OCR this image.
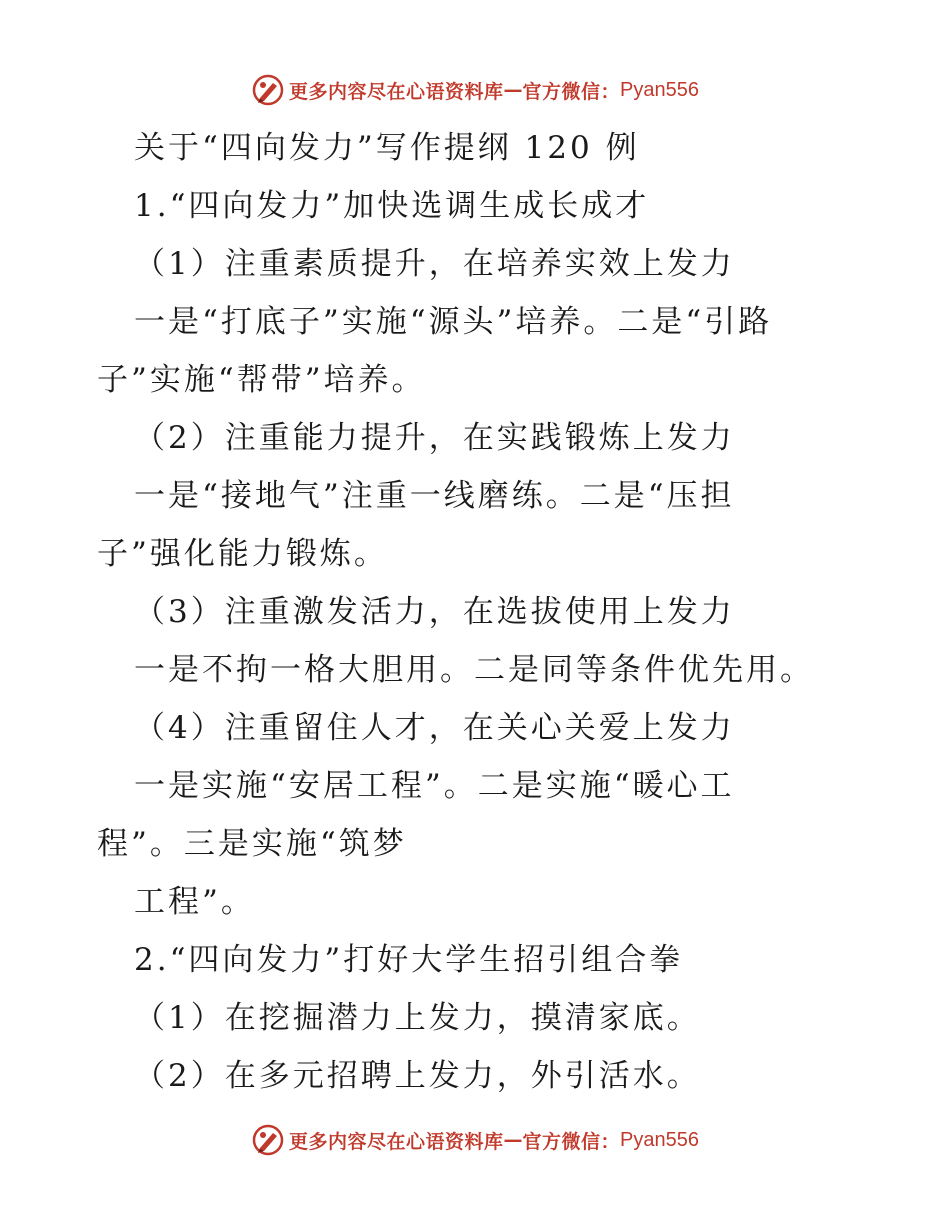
更多内容尽在心语资料库 — 官方微信： Pyan556
关于“四向发力”写作提纲 120 例
1.“四向发力”加快选调生成长成才
（1）注重素质提升，在培养实效上发力
一是“打底子”实施“源头”培养。二是“引路
子”实施“帮带”培养。
（2）注重能力提升，在实践锻炼上发力
一是“接地气”注重一线磨练。二是“压担
子”强化能力锻炼。
（3）注重激发活力，在选拔使用上发力
一是不拘一格大胆用。二是同等条件优先用。
（4）注重留住人才，在关心关爱上发力
一是实施“安居工程”。二是实施“暖心工
程”。三是实施“筑梦
工程”。
2.“四向发力”打好大学生招引组合拳
（1）在挖掘潜力上发力，摸清家底。
（2）在多元招聘上发力，外引活水。
更多内容尽在心语资料库 — 官方微信： Pyan556
